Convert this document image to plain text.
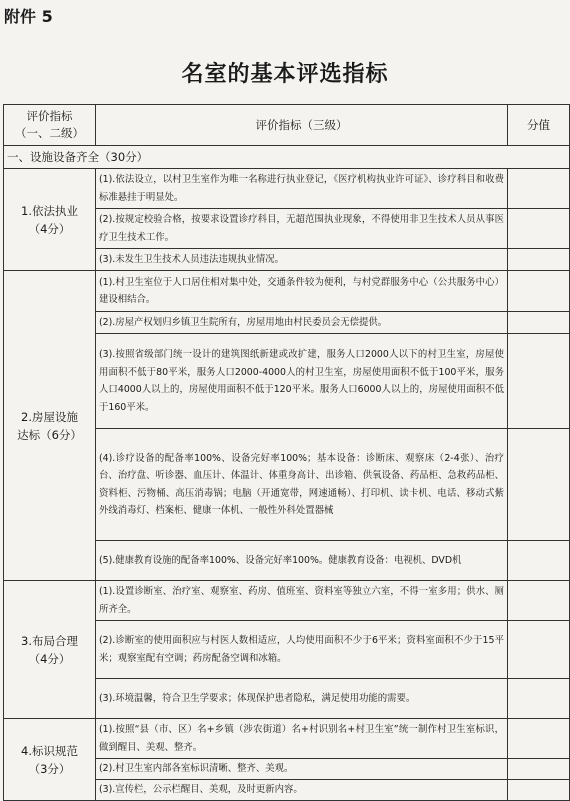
附件 5
名室的基本评选指标
评价指标
（一、二级）	评价指标（三级）	分值
一、设施设备齐全（30分）		
1.依法执业
（4分）	(1).依法设立，以村卫生室作为唯一名称进行执业登记，《医疗机构执业许可证》、诊疗科目和收费标准悬挂于明显处。	
	(2).按规定校验合格，按要求设置诊疗科目，无超范围执业现象，不得使用非卫生技术人员从事医疗卫生技术工作。	
	(3).未发生卫生技术人员违法违规执业情况。	
2.房屋设施
达标（6分）	(1).村卫生室位于人口居住相对集中处，交通条件较为便利，与村党群服务中心（公共服务中心）建设相结合。	
	(2).房屋产权划归乡镇卫生院所有，房屋用地由村民委员会无偿提供。	
	(3).按照省级部门统一设计的建筑图纸新建或改扩建，服务人口2000人以下的村卫生室，房屋使用面积不低于80平米，服务人口2000-4000人的村卫生室，房屋使用面积不低于100平米，服务人口4000人以上的，房屋使用面积不低于120平米。服务人口6000人以上的，房屋使用面积不低于160平米。	
	(4).诊疗设备的配备率100%、设备完好率100%；基本设备：诊断床、观察床（2-4张）、治疗台、治疗盘、听诊器、血压计、体温计、体重身高计、出诊箱、供氧设备、药品柜、急救药品柜、资料柜、污物桶、高压消毒锅；电脑（开通宽带，网速通畅）、打印机、读卡机、电话、移动式紫外线消毒灯、档案柜、健康一体机、一般性外科处置器械	
	(5).健康教育设施的配备率100%、设备完好率100%。健康教育设备：电视机、DVD机	
3.布局合理
（4分）	(1).设置诊断室、治疗室、观察室、药房、值班室、资料室等独立六室，不得一室多用；供水、厕所齐全。	
	(2).诊断室的使用面积应与村医人数相适应，人均使用面积不少于6平米；资料室面积不少于15平米；观察室配有空调；药房配备空调和冰箱。	
	(3).环境温馨，符合卫生学要求；体现保护患者隐私，满足使用功能的需要。	
4.标识规范
（3分）	(1).按照“县（市、区）名+乡镇（涉农街道）名+村识别名+村卫生室”统一制作村卫生室标识，做到醒目、美观、整齐。	
	(2).村卫生室内部各室标识清晰、整齐、美观。	
	(3).宣传栏，公示栏醒目、美观，及时更新内容。	
